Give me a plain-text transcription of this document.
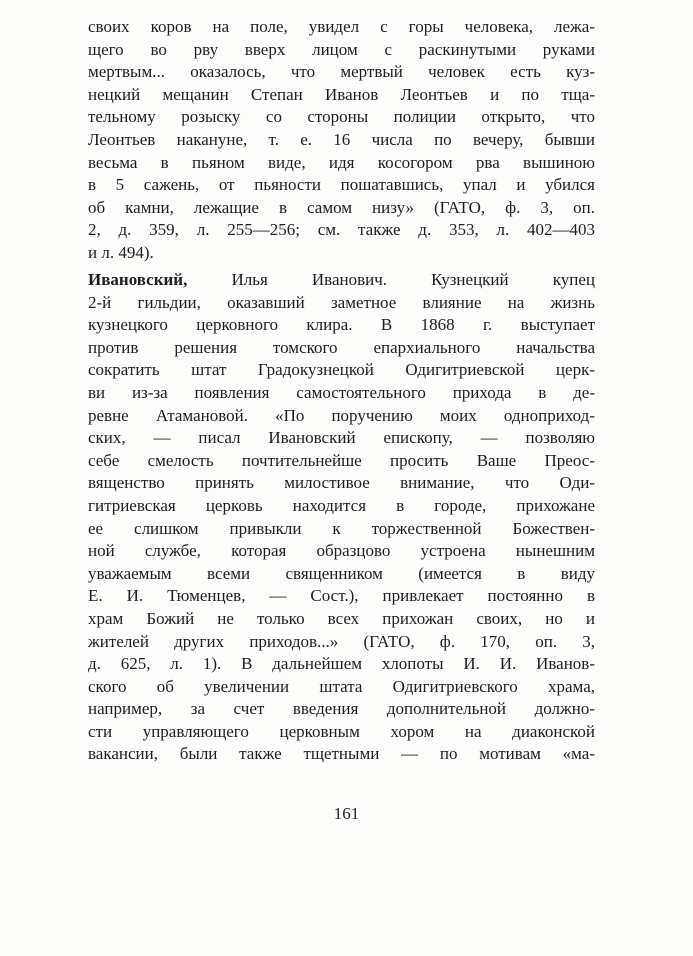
своих коров на поле, увидел с горы человека, лежа-
щего во рву вверх лицом с раскинутыми руками
мертвым... оказалось, что мертвый человек есть куз-
нецкий мещанин Степан Иванов Леонтьев и по тща-
тельному розыску со стороны полиции открыто, что
Леонтьев накануне, т. е. 16 числа по вечеру, бывши
весьма в пьяном виде, идя косогором рва вышиною
в 5 сажень, от пьяности пошатавшись, упал и убился
об камни, лежащие в самом низу» (ГАТО, ф. 3, оп.
2, д. 359, л. 255—256; см. также д. 353, л. 402—403
и л. 494).
Ивановский, Илья Иванович. Кузнецкий купец
2-й гильдии, оказавший заметное влияние на жизнь
кузнецкого церковного клира. В 1868 г. выступает
против решения томского епархиального начальства
сократить штат Градокузнецкой Одигитриевской церк-
ви из-за появления самостоятельного прихода в де-
ревне Атамановой. «По поручению моих одноприход-
ских, — писал Ивановский епископу, — позволяю
себе смелость почтительнейше просить Ваше Преос-
вященство принять милостивое внимание, что Оди-
гитриевская церковь находится в городе, прихожане
ее слишком привыкли к торжественной Божествен-
ной службе, которая образцово устроена нынешним
уважаемым всеми священником (имеется в виду
Е. И. Тюменцев, — Сост.), привлекает постоянно в
храм Божий не только всех прихожан своих, но и
жителей других приходов...» (ГАТО, ф. 170, оп. 3,
д. 625, л. 1). В дальнейшем хлопоты И. И. Иванов-
ского об увеличении штата Одигитриевского храма,
например, за счет введения дополнительной должно-
сти управляющего церковным хором на диаконской
вакансии, были также тщетными — по мотивам «ма-
161
